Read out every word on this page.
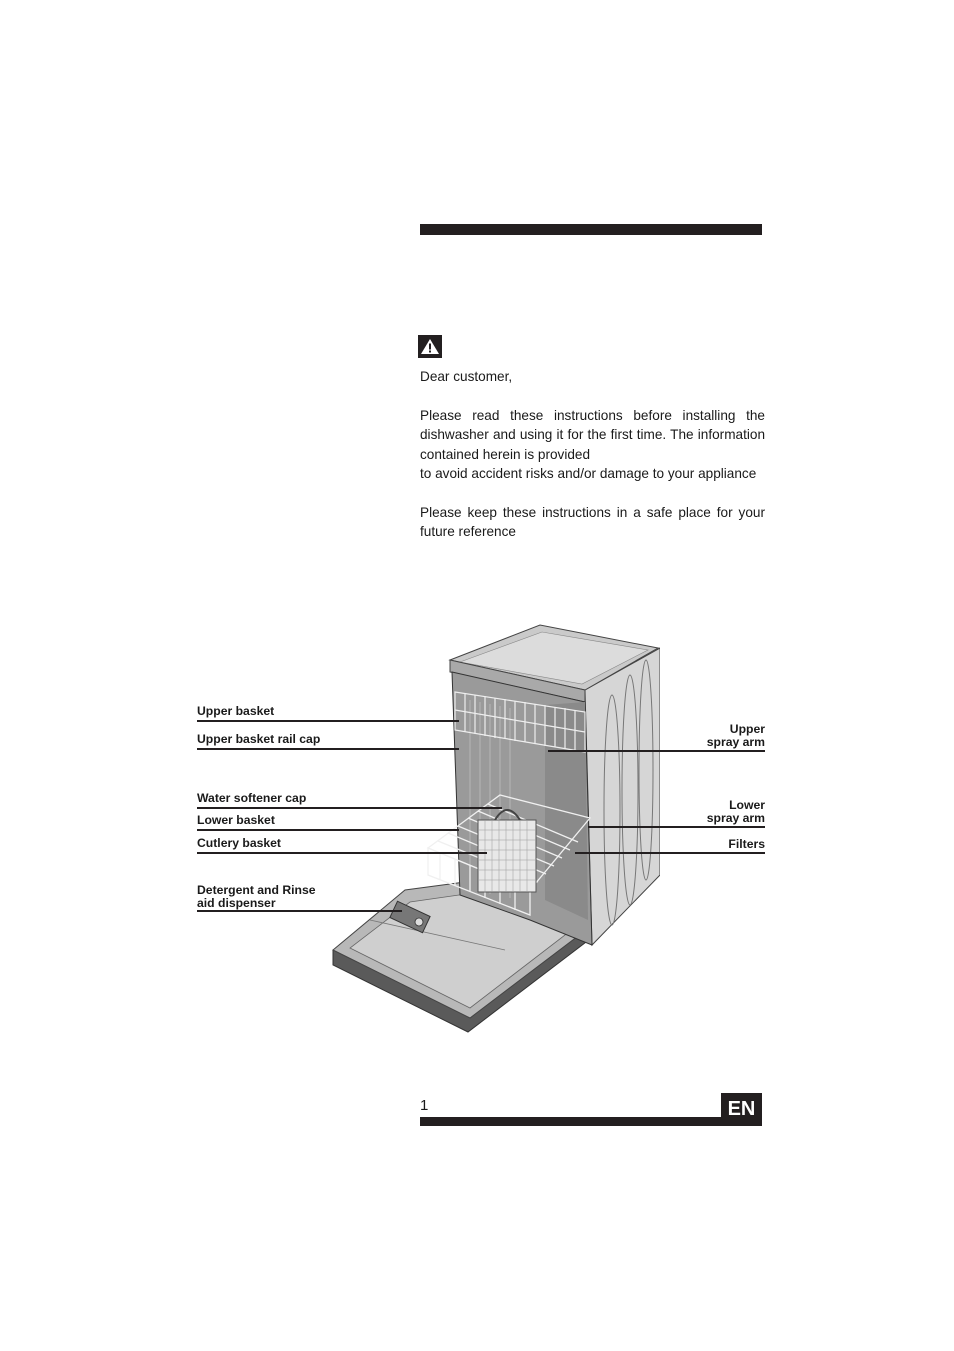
Dear customer,

Please read these instructions before installing the dishwasher and using it for the first time. The information contained herein is provided

to avoid accident risks and/or damage to your appliance

Please keep these instructions in a safe place for your future reference

Upper basket
Upper basket rail cap
Water softener cap
Lower basket
Cutlery basket
Detergent and Rinse
aid dispenser
Upper
spray arm
Lower
spray arm
Filters
1	EN
